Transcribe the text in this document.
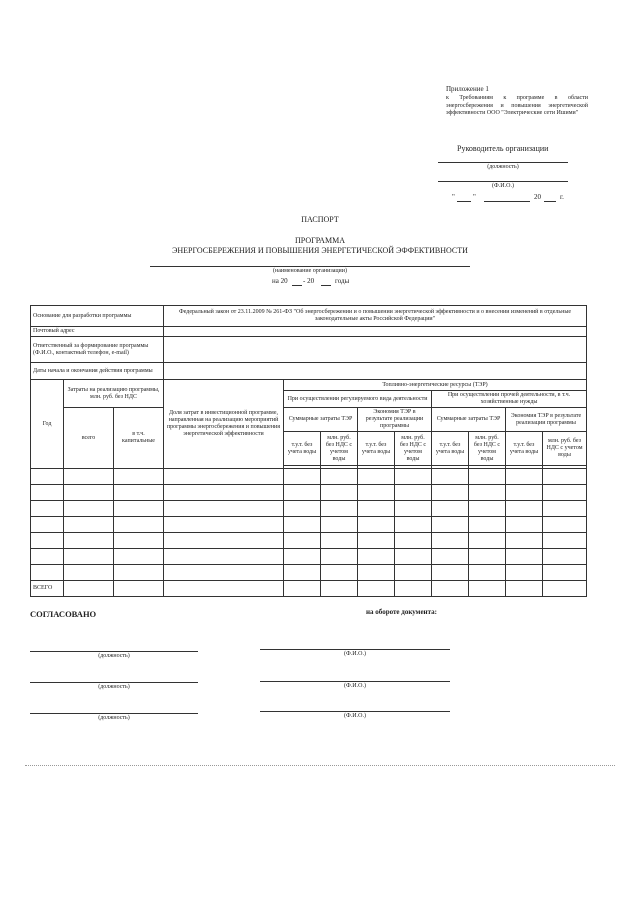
Приложение 1
к Требованиям к программе в области энергосбережения и повышения энергетической эффективности ООО "Электрические сети Ишими"
Руководитель организации
(должность)
(Ф.И.О.)
"	"	20	г.
ПАСПОРТ
ПРОГРАММА
ЭНЕРГОСБЕРЕЖЕНИЯ И ПОВЫШЕНИЯ ЭНЕРГЕТИЧЕСКОЙ ЭФФЕКТИВНОСТИ
(наименование организации)
на 20 - 20	годы
Основание для разработки программы			Федеральный закон от 23.11.2009 № 261-ФЗ "Об энергосбережении и о повышении энергетической эффективности и о внесении изменений в отдельные законодательные акты Российской Федерации"								
Почтовый адрес											
Ответственный за формирование программы (Ф.И.О., контактный телефон, e-mail)											
Даты начала и окончания действия программы											
Год	Затраты на реализацию программы, млн. руб. без НДС		Доля затрат в инвестиционной программе, направленная на реализацию мероприятий программы энергосбережения и повышения энергетической эффективности	Топливно-энергетические ресурсы (ТЭР)							
				При осуществлении регулируемого вида деятельности				При осуществлении прочей деятельности, в т.ч. хозяйственные нужды			
	всего	в т.ч. капитальные		Суммарные затраты ТЭР		Экономия ТЭР в результате реализации программы		Суммарные затраты ТЭР		Экономия ТЭР в результате реализации программы	
				т.у.т. без учета воды	млн. руб. без НДС с учетом воды	т.у.т. без учета воды	млн. руб. без НДС с учетом воды	т.у.т. без учета воды	млн. руб. без НДС с учетом воды	т.у.т. без учета воды	млн. руб. без НДС с учетом воды

ВСЕГО											
СОГЛАСОВАНО	на обороте документа:
(должность)	(Ф.И.О.)
(должность)	(Ф.И.О.)
(должность)	(Ф.И.О.)
